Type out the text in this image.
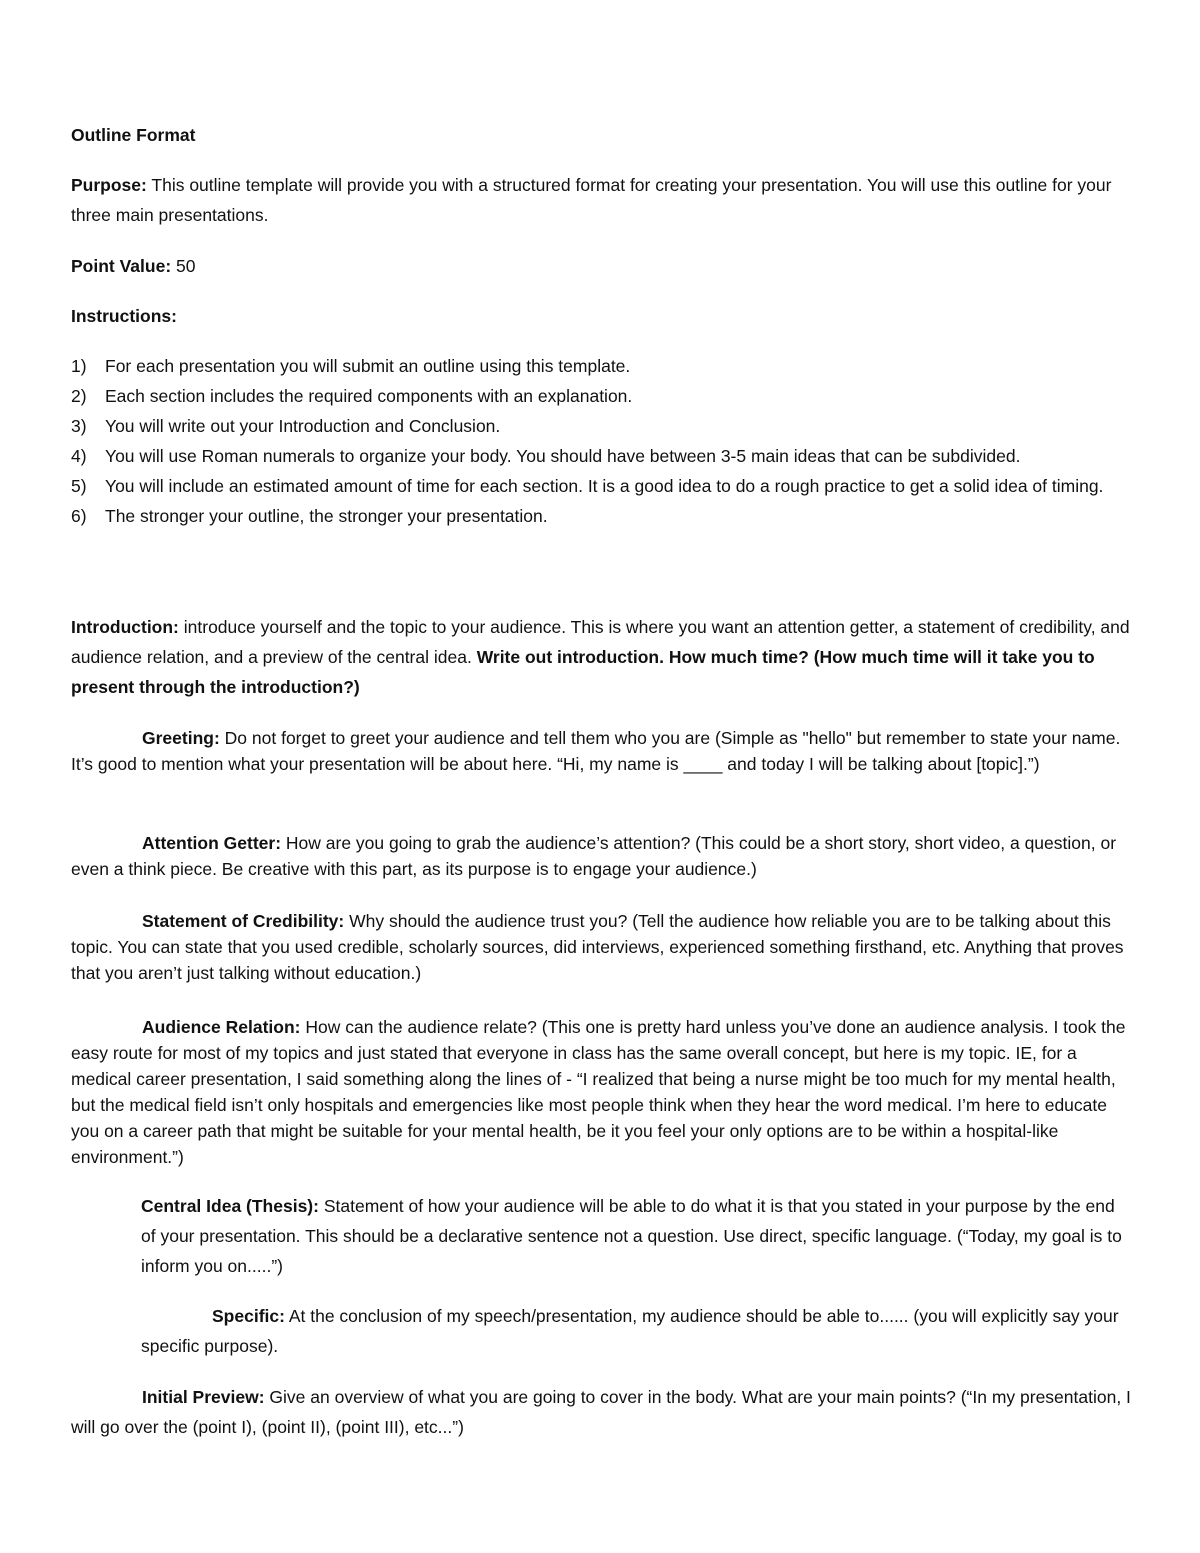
Outline Format

Purpose: This outline template will provide you with a structured format for creating your presentation. You will use this outline for your three main presentations.

Point Value: 50

Instructions:

1) For each presentation you will submit an outline using this template.
2) Each section includes the required components with an explanation.
3) You will write out your Introduction and Conclusion.
4) You will use Roman numerals to organize your body. You should have between 3-5 main ideas that can be subdivided.
5) You will include an estimated amount of time for each section. It is a good idea to do a rough practice to get a solid idea of timing.
6) The stronger your outline, the stronger your presentation.

Introduction: introduce yourself and the topic to your audience. This is where you want an attention getter, a statement of credibility, and audience relation, and a preview of the central idea. Write out introduction. How much time? (How much time will it take you to present through the introduction?)

Greeting: Do not forget to greet your audience and tell them who you are (Simple as "hello" but remember to state your name. It’s good to mention what your presentation will be about here. “Hi, my name is ____ and today I will be talking about [topic].”)

Attention Getter: How are you going to grab the audience’s attention? (This could be a short story, short video, a question, or even a think piece. Be creative with this part, as its purpose is to engage your audience.)

Statement of Credibility: Why should the audience trust you? (Tell the audience how reliable you are to be talking about this topic. You can state that you used credible, scholarly sources, did interviews, experienced something firsthand, etc. Anything that proves that you aren’t just talking without education.)

Audience Relation: How can the audience relate? (This one is pretty hard unless you’ve done an audience analysis. I took the easy route for most of my topics and just stated that everyone in class has the same overall concept, but here is my topic. IE, for a medical career presentation, I said something along the lines of - “I realized that being a nurse might be too much for my mental health, but the medical field isn’t only hospitals and emergencies like most people think when they hear the word medical. I’m here to educate you on a career path that might be suitable for your mental health, be it you feel your only options are to be within a hospital-like environment.”)

Central Idea (Thesis): Statement of how your audience will be able to do what it is that you stated in your purpose by the end of your presentation. This should be a declarative sentence not a question. Use direct, specific language. (“Today, my goal is to inform you on.....”)

Specific: At the conclusion of my speech/presentation, my audience should be able to...... (you will explicitly say your specific purpose).

Initial Preview: Give an overview of what you are going to cover in the body. What are your main points? (“In my presentation, I will go over the (point I), (point II), (point III), etc...”)
